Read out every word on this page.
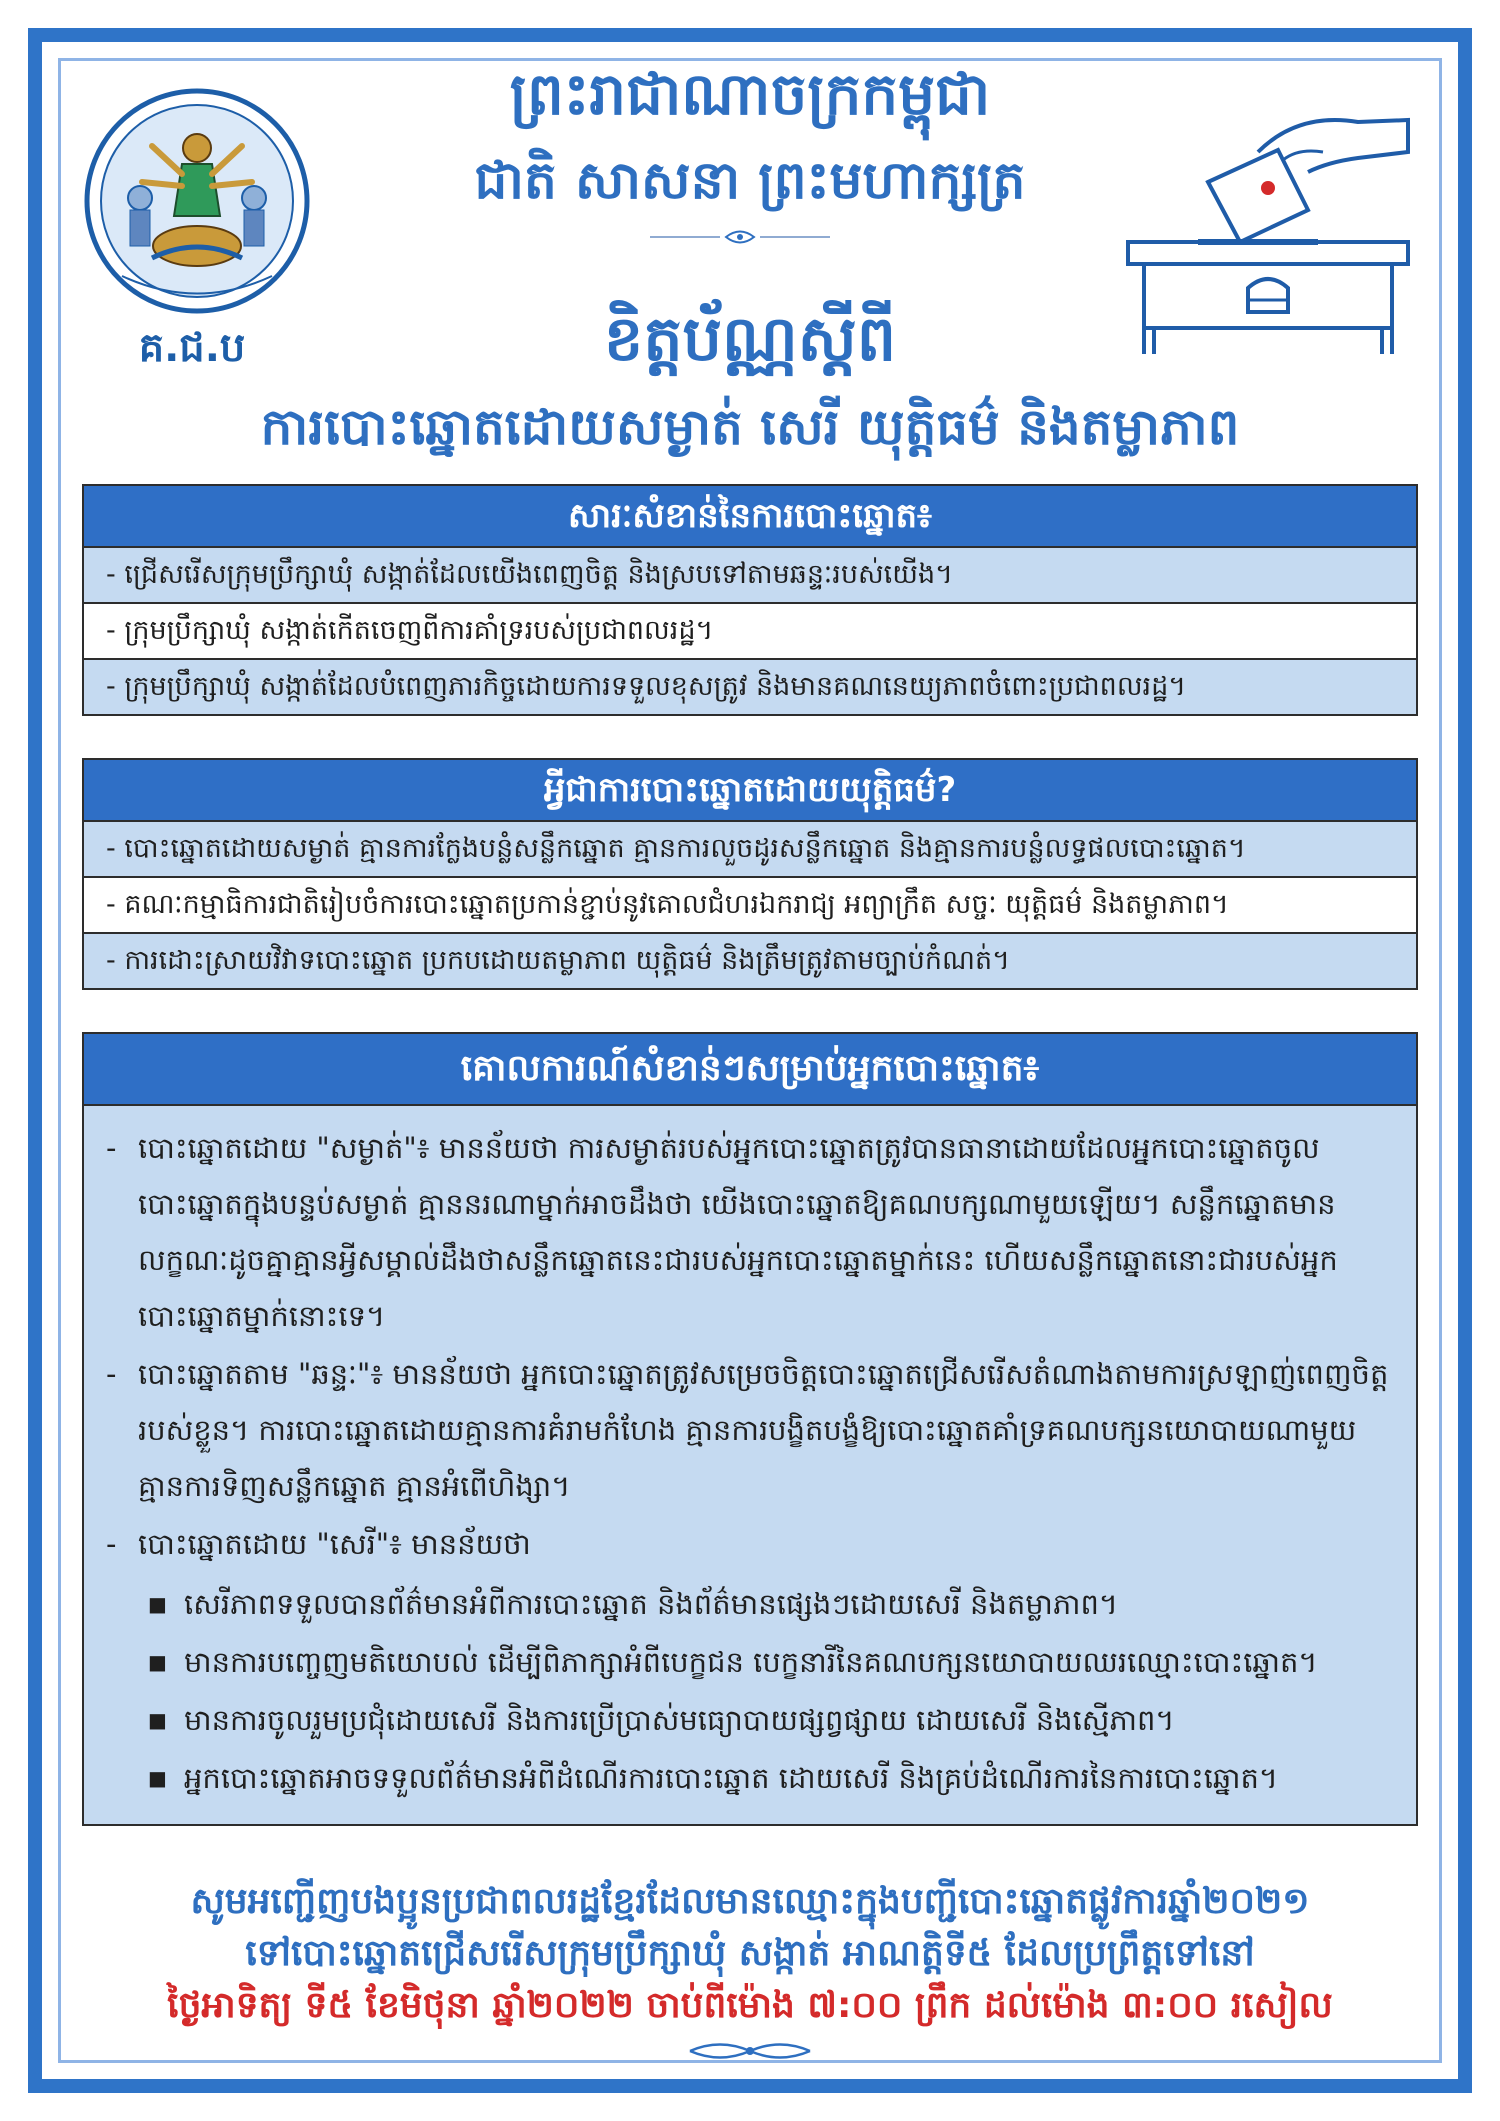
គ.ជ.ប
ព្រះរាជាណាចក្រកម្ពុជា
ជាតិ សាសនា ព្រះមហាក្សត្រ
ខិត្តប័ណ្ណស្តីពី
ការបោះឆ្នោតដោយសម្ងាត់ សេរី យុត្តិធម៌ និងតម្លាភាព
សារៈសំខាន់នៃការបោះឆ្នោត៖
- ជ្រើសរើសក្រុមប្រឹក្សាឃុំ សង្កាត់ដែលយើងពេញចិត្ត និងស្របទៅតាមឆន្ទៈរបស់យើង។
- ក្រុមប្រឹក្សាឃុំ សង្កាត់កើតចេញពីការគាំទ្ររបស់ប្រជាពលរដ្ឋ។
- ក្រុមប្រឹក្សាឃុំ សង្កាត់ដែលបំពេញភារកិច្ចដោយការទទួលខុសត្រូវ និងមានគណនេយ្យភាពចំពោះប្រជាពលរដ្ឋ។
អ្វីជាការបោះឆ្នោតដោយយុត្តិធម៌?
- បោះឆ្នោតដោយសម្ងាត់ គ្មានការក្លែងបន្លំសន្លឹកឆ្នោត គ្មានការលួចដូរសន្លឹកឆ្នោត និងគ្មានការបន្លំលទ្ធផលបោះឆ្នោត។
- គណៈកម្មាធិការជាតិរៀបចំការបោះឆ្នោតប្រកាន់ខ្ជាប់នូវគោលជំហរឯករាជ្យ អព្យាក្រឹត សច្ចៈ យុត្តិធម៌ និងតម្លាភាព។
- ការដោះស្រាយវិវាទបោះឆ្នោត ប្រកបដោយតម្លាភាព យុត្តិធម៌ និងត្រឹមត្រូវតាមច្បាប់កំណត់។
គោលការណ៍សំខាន់ៗសម្រាប់អ្នកបោះឆ្នោត៖
- បោះឆ្នោតដោយ "សម្ងាត់"៖ មានន័យថា ការសម្ងាត់របស់អ្នកបោះឆ្នោតត្រូវបានធានាដោយដែលអ្នកបោះឆ្នោតចូលបោះឆ្នោតក្នុងបន្ទប់សម្ងាត់ គ្មាននរណាម្នាក់អាចដឹងថា យើងបោះឆ្នោតឱ្យគណបក្សណាមួយឡើយ។ សន្លឹកឆ្នោតមានលក្ខណៈដូចគ្នាគ្មានអ្វីសម្គាល់ដឹងថាសន្លឹកឆ្នោតនេះជារបស់អ្នកបោះឆ្នោតម្នាក់នេះ ហើយសន្លឹកឆ្នោតនោះជារបស់អ្នកបោះឆ្នោតម្នាក់នោះទេ។
- បោះឆ្នោតតាម "ឆន្ទៈ"៖ មានន័យថា អ្នកបោះឆ្នោតត្រូវសម្រេចចិត្តបោះឆ្នោតជ្រើសរើសតំណាងតាមការស្រឡាញ់ពេញចិត្តរបស់ខ្លួន។ ការបោះឆ្នោតដោយគ្មានការគំរាមកំហែង គ្មានការបង្ខិតបង្ខំឱ្យបោះឆ្នោតគាំទ្រគណបក្សនយោបាយណាមួយ គ្មានការទិញសន្លឹកឆ្នោត គ្មានអំពើហិង្សា។
- បោះឆ្នោតដោយ "សេរី"៖ មានន័យថា
■ សេរីភាពទទួលបានព័ត៌មានអំពីការបោះឆ្នោត និងព័ត៌មានផ្សេងៗដោយសេរី និងតម្លាភាព។
■ មានការបញ្ចេញមតិយោបល់ ដើម្បីពិភាក្សាអំពីបេក្ខជន បេក្ខនារីនៃគណបក្សនយោបាយឈរឈ្មោះបោះឆ្នោត។
■ មានការចូលរួមប្រជុំដោយសេរី និងការប្រើប្រាស់មធ្យោបាយផ្សព្វផ្សាយ ដោយសេរី និងស្មើភាព។
■ អ្នកបោះឆ្នោតអាចទទួលព័ត៌មានអំពីដំណើរការបោះឆ្នោត ដោយសេរី និងគ្រប់ដំណើរការនៃការបោះឆ្នោត។
សូមអញ្ជើញបងប្អូនប្រជាពលរដ្ឋខ្មែរដែលមានឈ្មោះក្នុងបញ្ជីបោះឆ្នោតផ្លូវការឆ្នាំ២០២១
ទៅបោះឆ្នោតជ្រើសរើសក្រុមប្រឹក្សាឃុំ សង្កាត់ អាណត្តិទី៥ ដែលប្រព្រឹត្តទៅនៅ
ថ្ងៃអាទិត្យ ទី៥ ខែមិថុនា ឆ្នាំ២០២២ ចាប់ពីម៉ោង ៧:០០ ព្រឹក ដល់ម៉ោង ៣:០០ រសៀល
